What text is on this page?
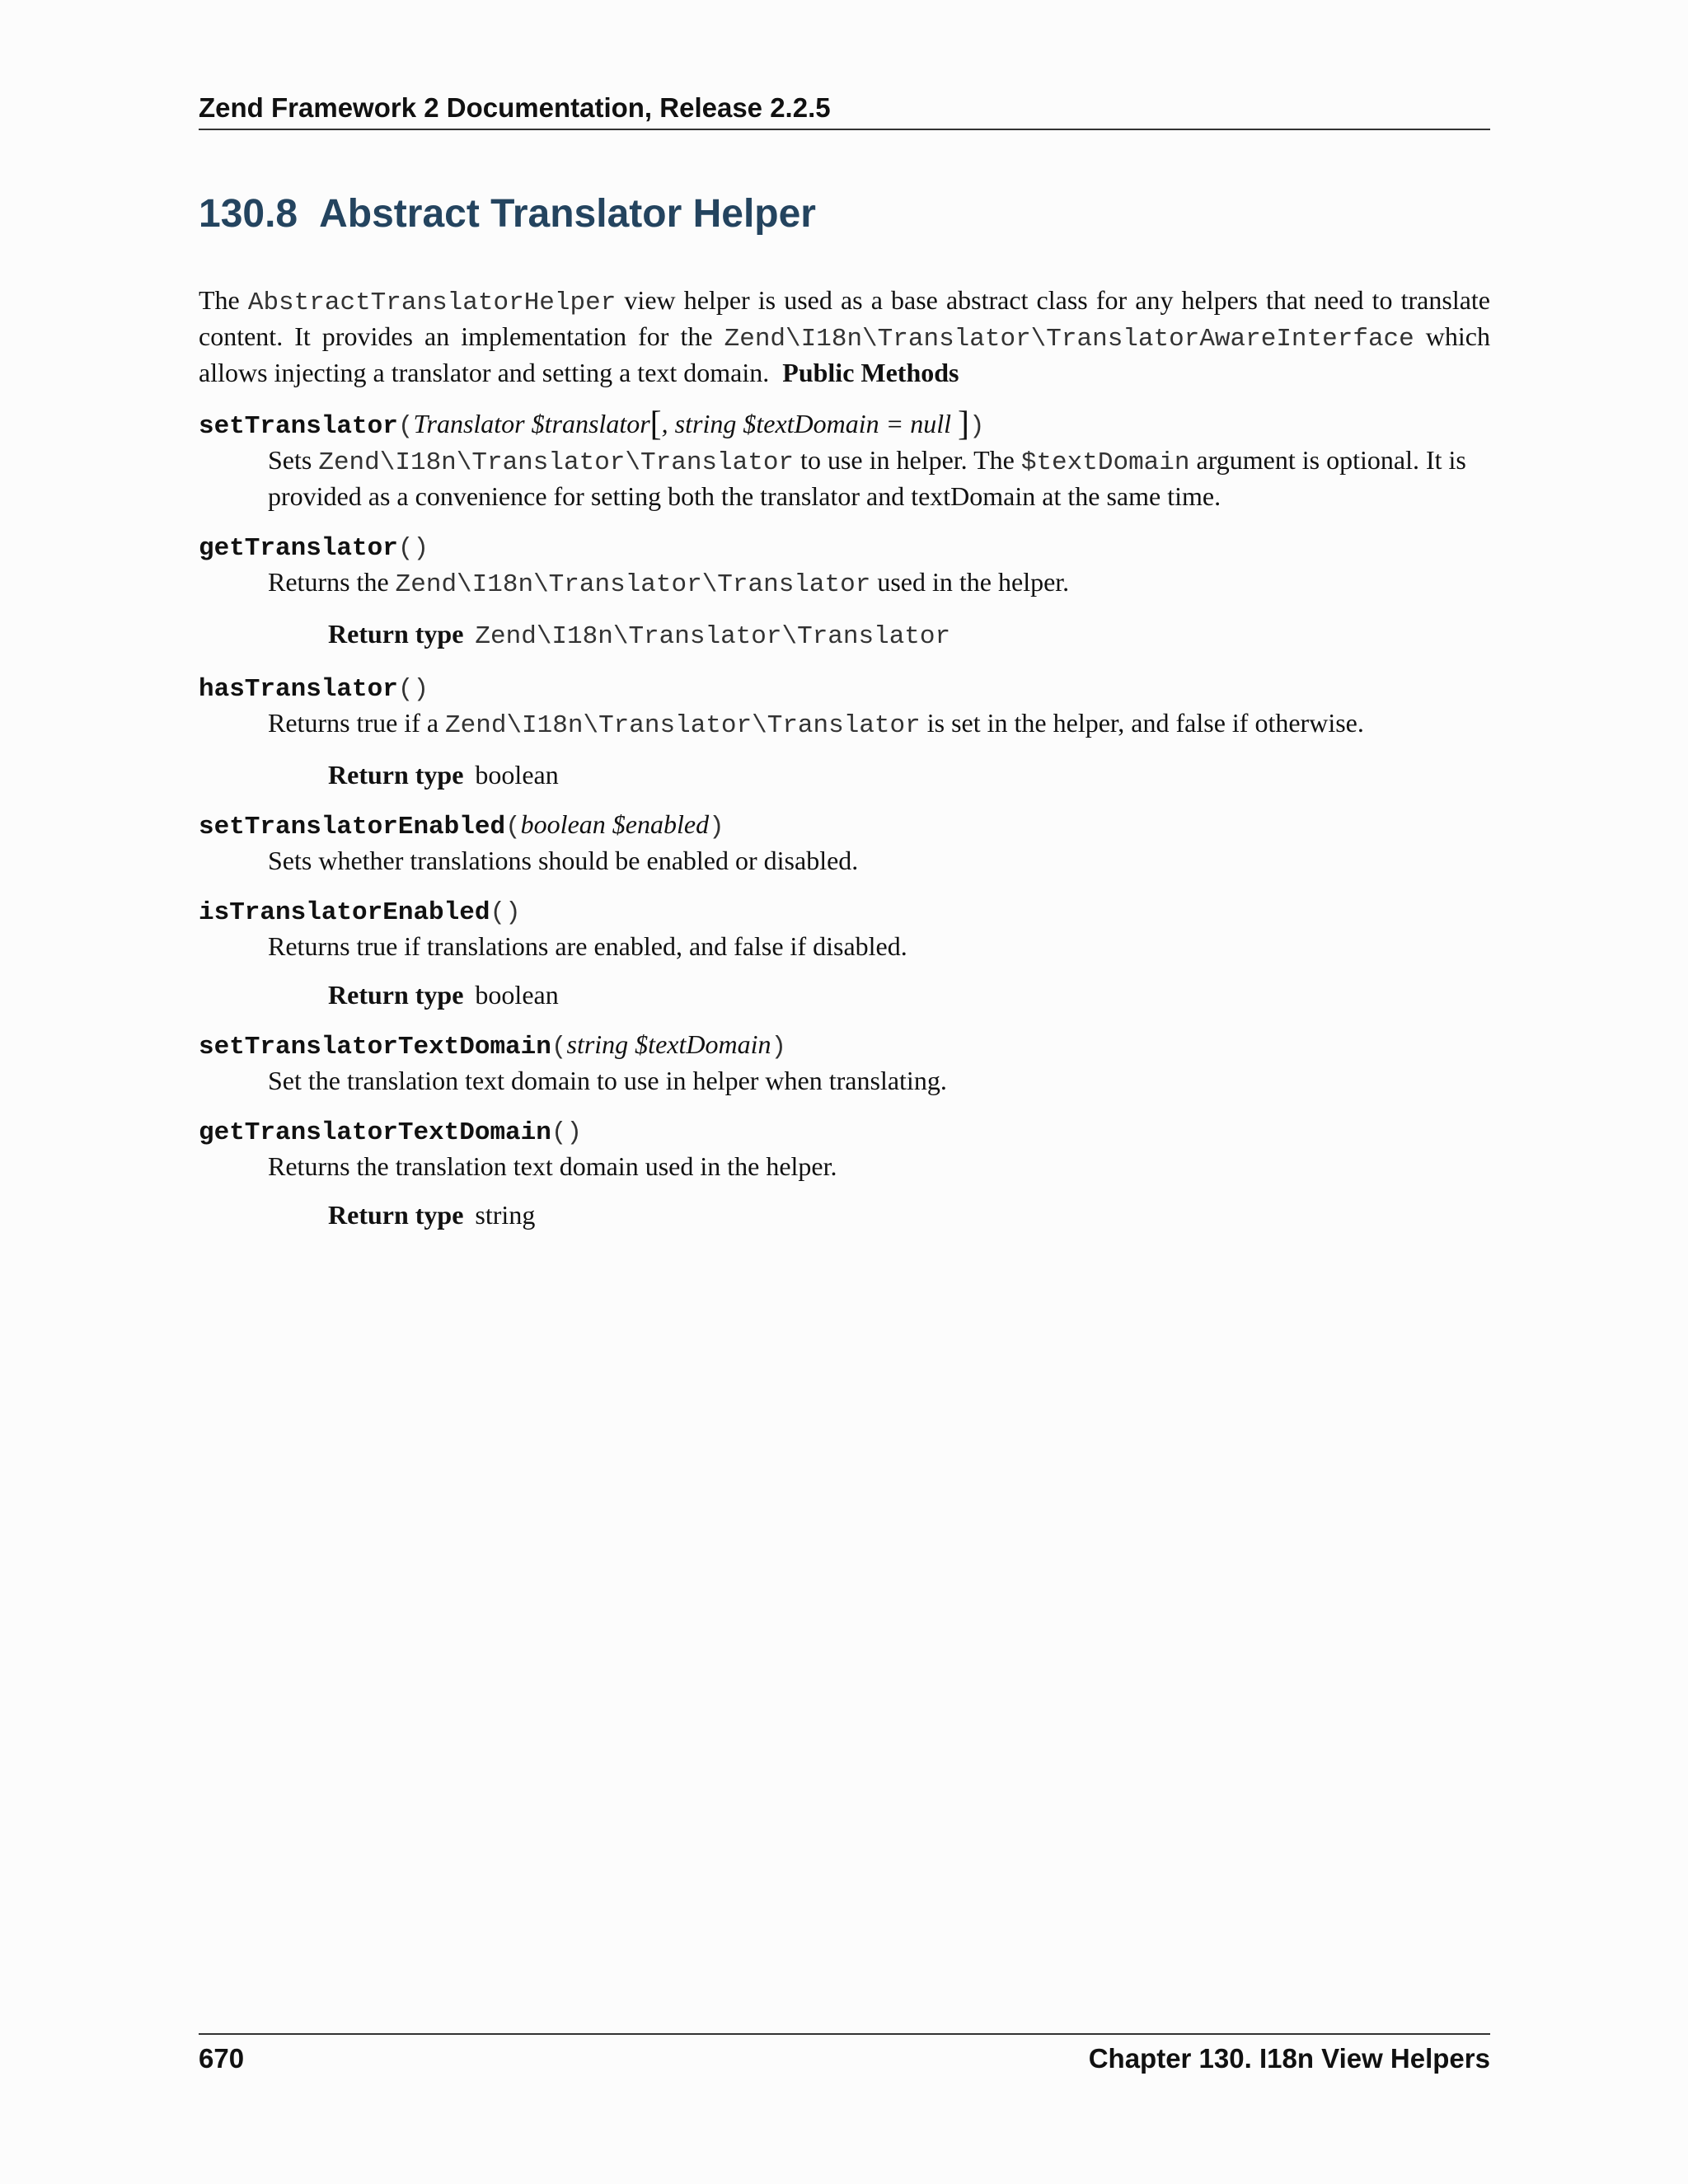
Zend Framework 2 Documentation, Release 2.2.5
130.8 Abstract Translator Helper

The AbstractTranslatorHelper view helper is used as a base abstract class for any helpers that need to translate content. It provides an implementation for the Zend\I18n\Translator\TranslatorAwareInterface which allows injecting a translator and setting a text domain. Public Methods

setTranslator(Translator $translator[, string $textDomain = null ])

Sets Zend\I18n\Translator\Translator to use in helper. The $textDomain argument is optional. It is provided as a convenience for setting both the translator and textDomain at the same time.

getTranslator()

Returns the Zend\I18n\Translator\Translator used in the helper.

Return type Zend\I18n\Translator\Translator

hasTranslator()

Returns true if a Zend\I18n\Translator\Translator is set in the helper, and false if otherwise.

Return type boolean

setTranslatorEnabled(boolean $enabled)

Sets whether translations should be enabled or disabled.

isTranslatorEnabled()

Returns true if translations are enabled, and false if disabled.

Return type boolean

setTranslatorTextDomain(string $textDomain)

Set the translation text domain to use in helper when translating.

getTranslatorTextDomain()

Returns the translation text domain used in the helper.

Return type string

670	Chapter 130. I18n View Helpers
